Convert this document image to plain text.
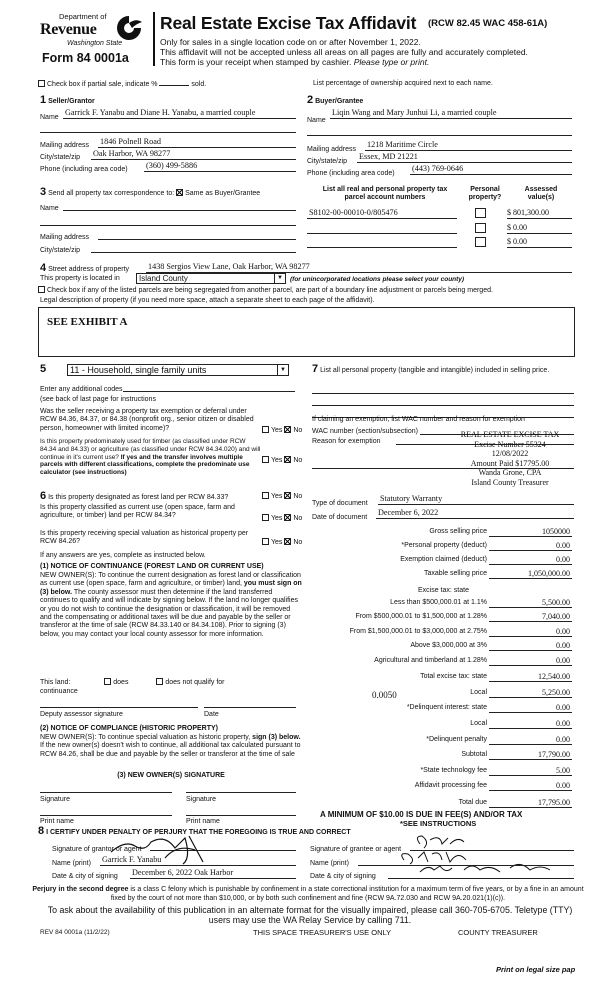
Department of
Revenue
Washington State
Form 84 0001a
Real Estate Excise Tax Affidavit (RCW 82.45 WAC 458-61A)
Only for sales in a single location code on or after November 1, 2022.
This affidavit will not be accepted unless all areas on all pages are fully and accurately completed.
This form is your receipt when stamped by cashier. Please type or print.
Check box if partial sale, indicate %	sold.	List percentage of ownership acquired next to each name.
1 Seller/Grantor
Name
Garrick F. Yanabu and Diane H. Yanabu, a married couple
Mailing address 1846 Polnell Road
City/state/zip Oak Harbor, WA 98277
Phone (including area code) (360) 499-5886
2 Buyer/Grantee
Name
Liqin Wang and Mary Junhui Li, a married couple
Mailing address
1218 Maritime Circle
City/state/zip
Essex, MD 21221
Phone (including area code)
(443) 769-0646
3 Send all property tax correspondence to: Same as Buyer/Grantee
Name
Mailing address
City/state/zip
List all real and personal property tax
parcel account numbers
Personal
property?
Assessed
value(s)
S8102-00-00010-0/805476	$ 801,300.00
$ 0.00
$ 0.00
4 Street address of property	1438 Sergios View Lane, Oak Harbor, WA 98277
This property is located in	Island County	▼	(for unincorporated locations please select your county)
Check box if any of the listed parcels are being segregated from another parcel, are part of a boundary line adjustment or parcels being merged.
Legal description of property (if you need more space, attach a separate sheet to each page of the affidavit).
SEE EXHIBIT A
5	11 - Household, single family units	▼
Enter any additional codes
(see back of last page for instructions
Was the seller receiving a property tax exemption or deferral under RCW 84.36, 84.37, or 84.38 (nonprofit org., senior citizen or disabled person, homeowner with limited income)?	Yes No
Is this property predominately used for timber (as classified under RCW 84.34 and 84.33) or agriculture (as classified under RCW 84.34.020) and will continue in it's current use? If yes and the transfer involves multiple parcels with different classifications, complete the predominate use calculator (see instructions)
Yes No
6 Is this property designated as forest land per RCW 84.33?	Yes No
Is this property classified as current use (open space, farm and agriculture, or timber) land per RCW 84.34?	Yes No
Is this property receiving special valuation as historical property per RCW 84.26?	Yes No
If any answers are yes, complete as instructed below.
(1) NOTICE OF CONTINUANCE (FOREST LAND OR CURRENT USE)
NEW OWNER(S): To continue the current designation as forest land or classification as current use (open space, farm and agriculture, or timber) land, you must sign on (3) below. The county assessor must then determine if the land transferred continues to qualify and will indicate by signing below. If the land no longer qualifies or you do not wish to continue the designation or classification, it will be removed and the compensating or additional taxes will be due and payable by the seller or transferor at the time of sale (RCW 84.33.140 or 84.34.108). Prior to signing (3) below, you may contact your local county assessor for more information.
This land:	does	does not qualify for
continuance
Deputy assessor signature	Date
(2) NOTICE OF COMPLIANCE (HISTORIC PROPERTY)
NEW OWNER(S): To continue special valuation as historic property, sign (3) below. If the new owner(s) doesn't wish to continue, all additional tax calculated pursuant to RCW 84.26, shall be due and payable by the seller or transferor at the time of sale
(3) NEW OWNER(S) SIGNATURE
Signature	Signature
Print name	Print name
7 List all personal property (tangible and intangible) included in selling price.
If claiming an exemption, list WAC number and reason for exemption
WAC number (section/subsection)
Reason for exemption
REAL ESTATE EXCISE TAX
Excise Number 55324
12/08/2022
Amount Paid $17795.00
Wanda Grone, CPA
Island County Treasurer
Type of document
Statutory Warranty
Date of document
December 6, 2022
Gross selling price	1050000
*Personal property (deduct)	0.00
Exemption claimed (deduct)	0.00
Taxable selling price	1,050,000.00
Excise tax: state
Less than $500,000.01 at 1.1%	5,500.00
From $500,000.01 to $1,500,000 at 1.28%	7,040.00
From $1,500,000.01 to $3,000,000 at 2.75%	0.00
Above $3,000,000 at 3%	0.00
Agricultural and timberland at 1.28%	0.00
Total excise tax: state	12,540.00
0.0050	Local	5,250.00
*Delinquent interest: state	0.00
Local	0.00
*Delinquent penalty	0.00
Subtotal	17,790.00
*State technology fee	5.00
Affidavit processing fee	0.00
Total due	17,795.00
A MINIMUM OF $10.00 IS DUE IN FEE(S) AND/OR TAX
*SEE INSTRUCTIONS
8 I CERTIFY UNDER PENALTY OF PERJURY THAT THE FOREGOING IS TRUE AND CORRECT
Signature of grantor or agent
Name (print) Garrick F. Yanabu
Date & city of signing December 6, 2022 Oak Harbor
Signature of grantee or agent
Name (print)
Date & city of signing
Perjury in the second degree is a class C felony which is punishable by confinement in a state correctional institution for a maximum term of five years, or by a fine in an amount fixed by the court of not more than $10,000, or by both such confinement and fine (RCW 9A.72.030 and RCW 9A.20.021(1)(c)).
To ask about the availability of this publication in an alternate format for the visually impaired, please call 360-705-6705. Teletype (TTY) users may use the WA Relay Service by calling 711.
REV 84 0001a (11/2/22)	THIS SPACE TREASURER'S USE ONLY	COUNTY TREASURER
Print on legal size pap
